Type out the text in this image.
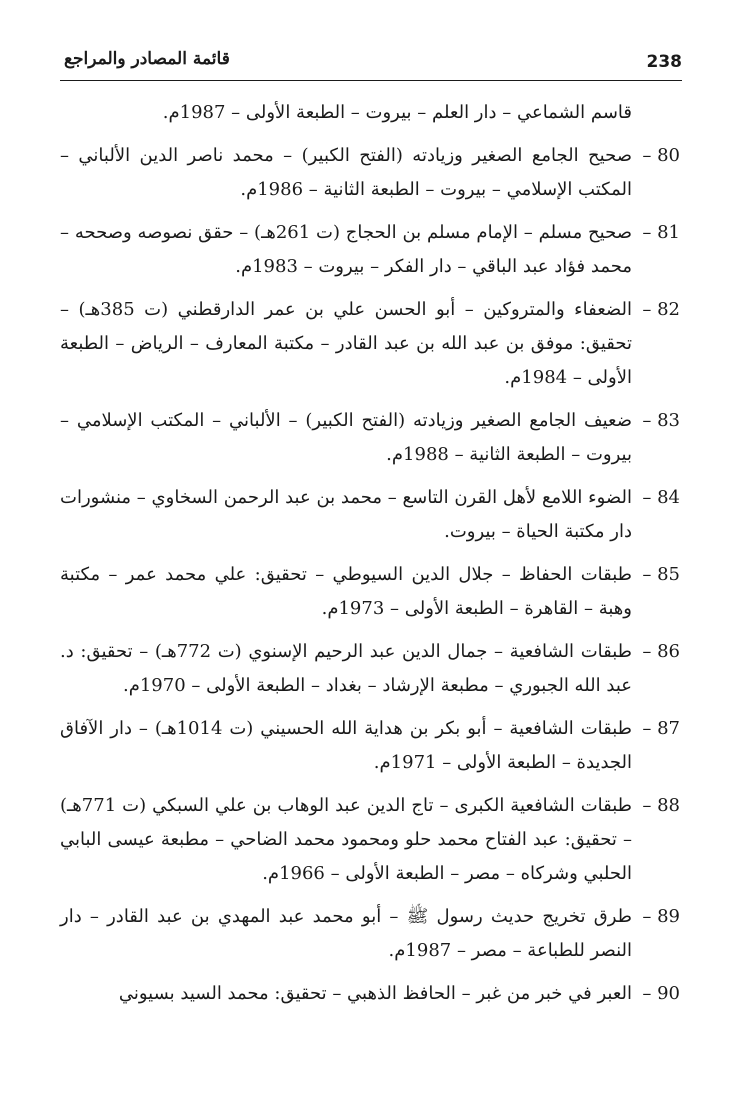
238
قائمة المصادر والمراجع
قاسم الشماعي – دار العلم – بيروت – الطبعة الأولى – 1987م.
80 –
صحيح الجامع الصغير وزيادته (الفتح الكبير) – محمد ناصر الدين الألباني – المكتب الإسلامي – بيروت – الطبعة الثانية – 1986م.
81 –
صحيح مسلم – الإمام مسلم بن الحجاج (ت 261هـ) – حقق نصوصه وصححه – محمد فؤاد عبد الباقي – دار الفكر – بيروت – 1983م.
82 –
الضعفاء والمتروكين – أبو الحسن علي بن عمر الدارقطني (ت 385هـ) – تحقيق: موفق بن عبد الله بن عبد القادر – مكتبة المعارف – الرياض – الطبعة الأولى – 1984م.
83 –
ضعيف الجامع الصغير وزيادته (الفتح الكبير) – الألباني – المكتب الإسلامي – بيروت – الطبعة الثانية – 1988م.
84 –
الضوء اللامع لأهل القرن التاسع – محمد بن عبد الرحمن السخاوي – منشورات دار مكتبة الحياة – بيروت.
85 –
طبقات الحفاظ – جلال الدين السيوطي – تحقيق: علي محمد عمر – مكتبة وهبة – القاهرة – الطبعة الأولى – 1973م.
86 –
طبقات الشافعية – جمال الدين عبد الرحيم الإسنوي (ت 772هـ) – تحقيق: د. عبد الله الجبوري – مطبعة الإرشاد – بغداد – الطبعة الأولى – 1970م.
87 –
طبقات الشافعية – أبو بكر بن هداية الله الحسيني (ت 1014هـ) – دار الآفاق الجديدة – الطبعة الأولى – 1971م.
88 –
طبقات الشافعية الكبرى – تاج الدين عبد الوهاب بن علي السبكي (ت 771هـ) – تحقيق: عبد الفتاح محمد حلو ومحمود محمد الضاحي – مطبعة عيسى البابي الحلبي وشركاه – مصر – الطبعة الأولى – 1966م.
89 –
طرق تخريج حديث رسول ﷺ – أبو محمد عبد المهدي بن عبد القادر – دار النصر للطباعة – مصر – 1987م.
90 –
العبر في خبر من غبر – الحافظ الذهبي – تحقيق: محمد السيد بسيوني
